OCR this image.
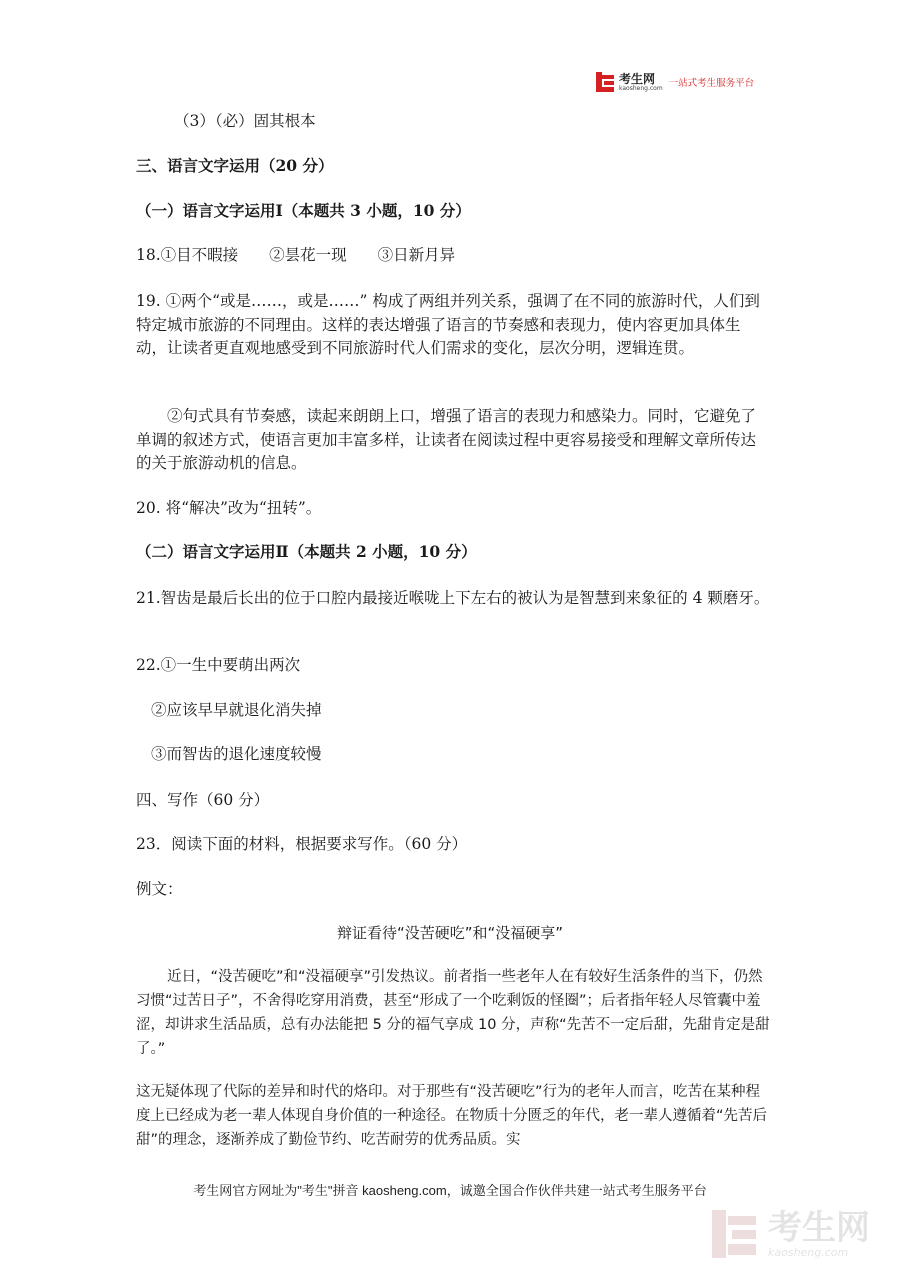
考生网
kaosheng.com 一站式考生服务平台
（3）（必）固其根本
三、语言文字运用（20 分）
（一）语言文字运用Ⅰ（本题共 3 小题，10 分）
18.①目不暇接　　②昙花一现　　③日新月异
19. ①两个“或是……，或是……” 构成了两组并列关系，强调了在不同的旅游时代，人们到特定城市旅游的不同理由。这样的表达增强了语言的节奏感和表现力，使内容更加具体生动，让读者更直观地感受到不同旅游时代人们需求的变化，层次分明，逻辑连贯。
②句式具有节奏感，读起来朗朗上口，增强了语言的表现力和感染力。同时，它避免了单调的叙述方式，使语言更加丰富多样，让读者在阅读过程中更容易接受和理解文章所传达的关于旅游动机的信息。
20. 将“解决”改为“扭转”。
（二）语言文字运用Ⅱ（本题共 2 小题，10 分）
21.智齿是最后长出的位于口腔内最接近喉咙上下左右的被认为是智慧到来象征的 4 颗磨牙。
22.①一生中要萌出两次
②应该早早就退化消失掉
③而智齿的退化速度较慢
四、写作（60 分）
23．阅读下面的材料，根据要求写作。（60 分）
例文：
辩证看待“没苦硬吃”和“没福硬享”
近日，“没苦硬吃”和“没福硬享”引发热议。前者指一些老年人在有较好生活条件的当下，仍然习惯“过苦日子”，不舍得吃穿用消费，甚至“形成了一个吃剩饭的怪圈”；后者指年轻人尽管囊中羞涩，却讲求生活品质，总有办法能把 5 分的福气享成 10 分，声称“先苦不一定后甜，先甜肯定是甜了。”
这无疑体现了代际的差异和时代的烙印。对于那些有“没苦硬吃”行为的老年人而言，吃苦在某种程度上已经成为老一辈人体现自身价值的一种途径。在物质十分匮乏的年代，老一辈人遵循着“先苦后甜”的理念，逐渐养成了勤俭节约、吃苦耐劳的优秀品质。实
考生网官方网址为"考生"拼音 kaosheng.com，诚邀全国合作伙伴共建一站式考生服务平台
考生网
kaosheng.com
